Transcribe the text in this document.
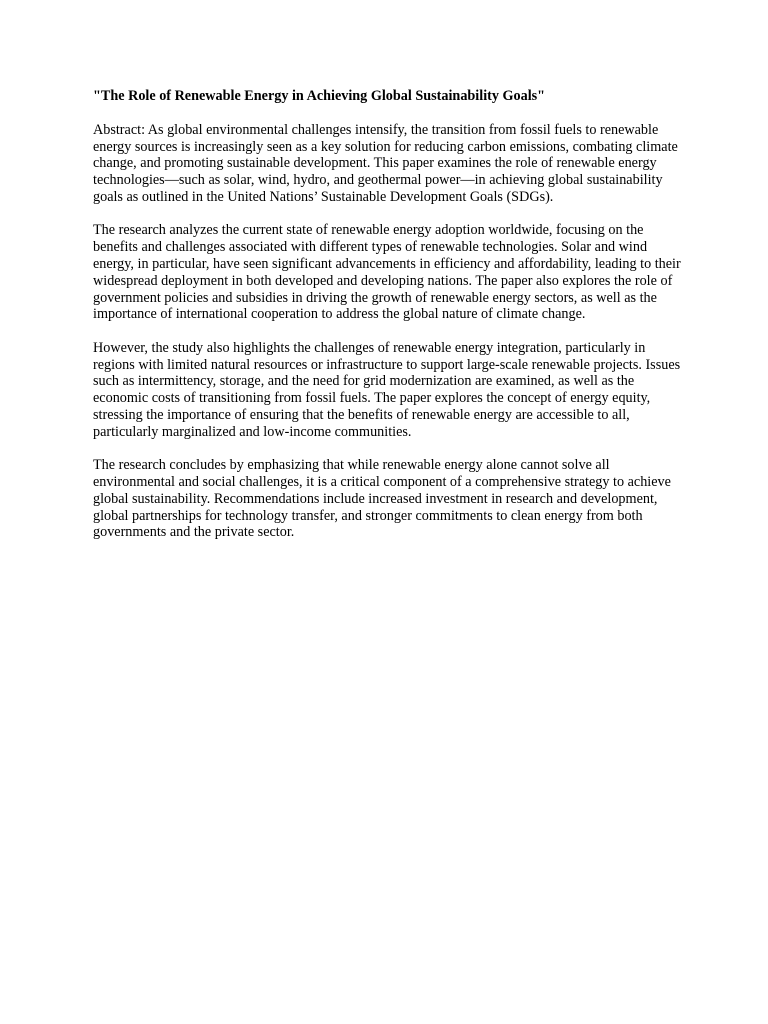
"The Role of Renewable Energy in Achieving Global Sustainability Goals"
Abstract: As global environmental challenges intensify, the transition from fossil fuels to renewable energy sources is increasingly seen as a key solution for reducing carbon emissions, combating climate change, and promoting sustainable development. This paper examines the role of renewable energy technologies—such as solar, wind, hydro, and geothermal power—in achieving global sustainability goals as outlined in the United Nations’ Sustainable Development Goals (SDGs).
The research analyzes the current state of renewable energy adoption worldwide, focusing on the benefits and challenges associated with different types of renewable technologies. Solar and wind energy, in particular, have seen significant advancements in efficiency and affordability, leading to their widespread deployment in both developed and developing nations. The paper also explores the role of government policies and subsidies in driving the growth of renewable energy sectors, as well as the importance of international cooperation to address the global nature of climate change.
However, the study also highlights the challenges of renewable energy integration, particularly in regions with limited natural resources or infrastructure to support large-scale renewable projects. Issues such as intermittency, storage, and the need for grid modernization are examined, as well as the economic costs of transitioning from fossil fuels. The paper explores the concept of energy equity, stressing the importance of ensuring that the benefits of renewable energy are accessible to all, particularly marginalized and low-income communities.
The research concludes by emphasizing that while renewable energy alone cannot solve all environmental and social challenges, it is a critical component of a comprehensive strategy to achieve global sustainability. Recommendations include increased investment in research and development, global partnerships for technology transfer, and stronger commitments to clean energy from both governments and the private sector.
